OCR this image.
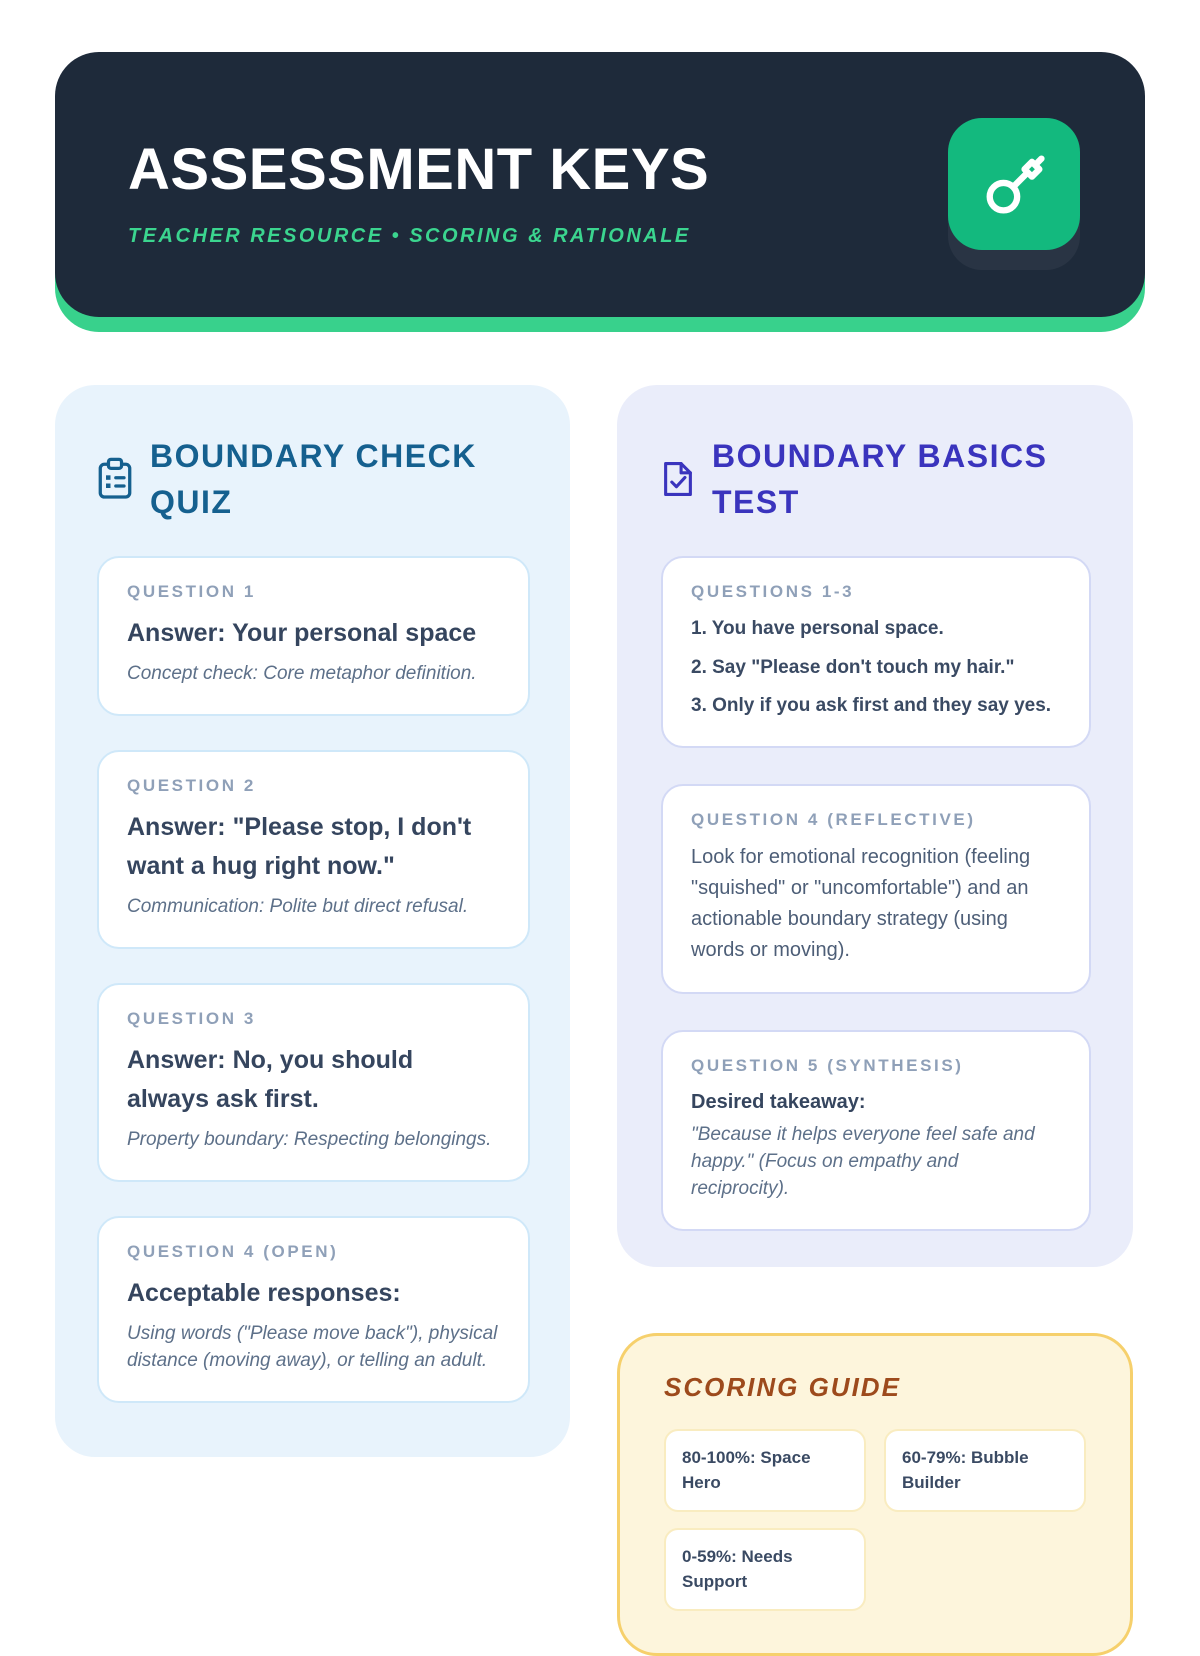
ASSESSMENT KEYS

TEACHER RESOURCE • SCORING & RATIONALE

BOUNDARY CHECK QUIZ
QUESTION 1
Answer: Your personal space
Concept check: Core metaphor definition.
QUESTION 2
Answer: "Please stop, I don't want a hug right now."
Communication: Polite but direct refusal.
QUESTION 3
Answer: No, you should always ask first.
Property boundary: Respecting belongings.
QUESTION 4 (OPEN)
Acceptable responses:
Using words ("Please move back"), physical distance (moving away), or telling an adult.
BOUNDARY BASICS TEST
QUESTIONS 1-3
1. You have personal space.
2. Say "Please don't touch my hair."
3. Only if you ask first and they say yes.
QUESTION 4 (REFLECTIVE)
Look for emotional recognition (feeling "squished" or "uncomfortable") and an actionable boundary strategy (using words or moving).
QUESTION 5 (SYNTHESIS)
Desired takeaway:
"Because it helps everyone feel safe and happy." (Focus on empathy and reciprocity).
SCORING GUIDE
80-100%: Space Hero
60-79%: Bubble Builder
0-59%: Needs Support
